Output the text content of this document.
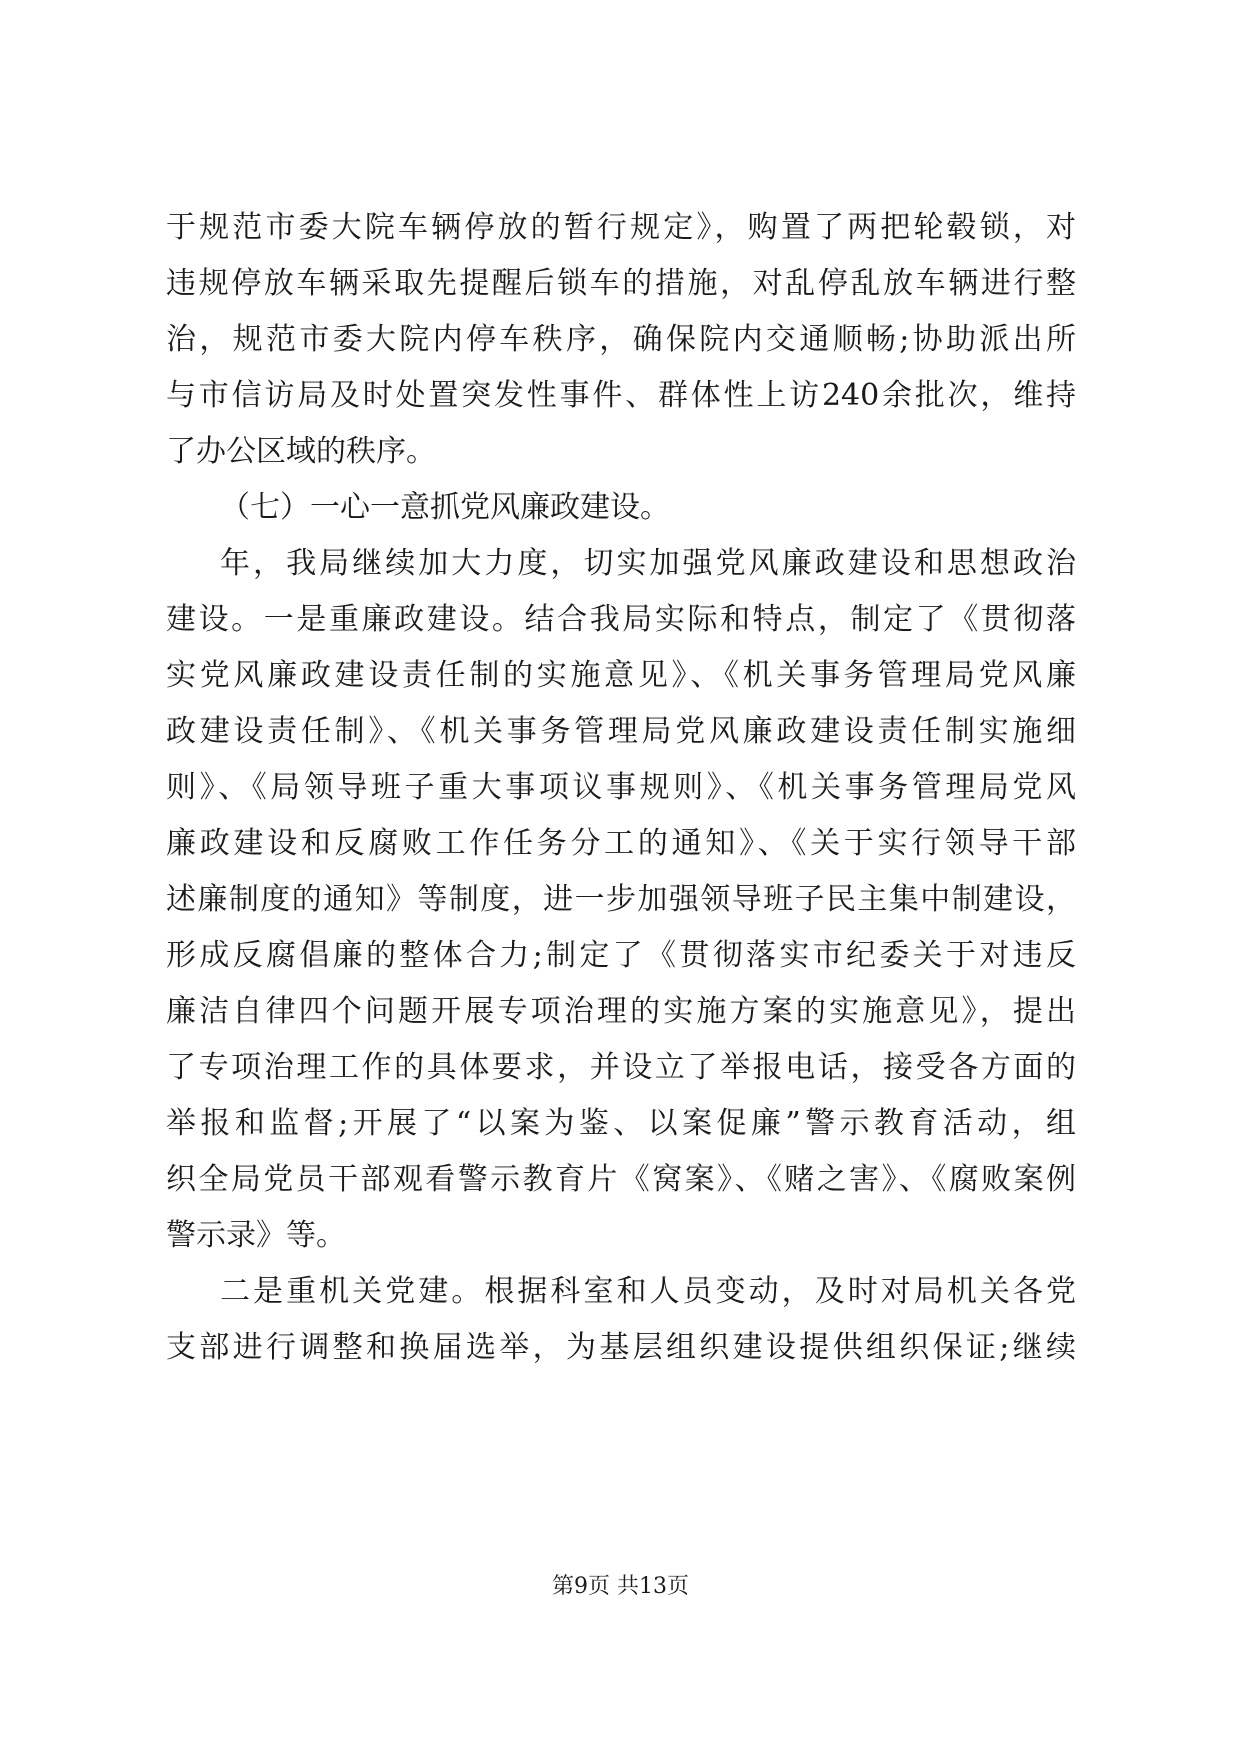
于规范市委大院车辆停放的暂行规定》，购置了两把轮毂锁，对
违规停放车辆采取先提醒后锁车的措施，对乱停乱放车辆进行整
治，规范市委大院内停车秩序，确保院内交通顺畅;协助派出所
与市信访局及时处置突发性事件、群体性上访240余批次，维持
了办公区域的秩序。
（七）一心一意抓党风廉政建设。
年，我局继续加大力度，切实加强党风廉政建设和思想政治
建设。一是重廉政建设。结合我局实际和特点，制定了《贯彻落
实党风廉政建设责任制的实施意见》、《机关事务管理局党风廉
政建设责任制》、《机关事务管理局党风廉政建设责任制实施细
则》、《局领导班子重大事项议事规则》、《机关事务管理局党风
廉政建设和反腐败工作任务分工的通知》、《关于实行领导干部
述廉制度的通知》等制度，进一步加强领导班子民主集中制建设，
形成反腐倡廉的整体合力;制定了《贯彻落实市纪委关于对违反
廉洁自律四个问题开展专项治理的实施方案的实施意见》，提出
了专项治理工作的具体要求，并设立了举报电话，接受各方面的
举报和监督;开展了“以案为鉴、以案促廉”警示教育活动，组
织全局党员干部观看警示教育片《窝案》、《赌之害》、《腐败案例
警示录》等。
二是重机关党建。根据科室和人员变动，及时对局机关各党
支部进行调整和换届选举，为基层组织建设提供组织保证;继续
第9页 共13页
